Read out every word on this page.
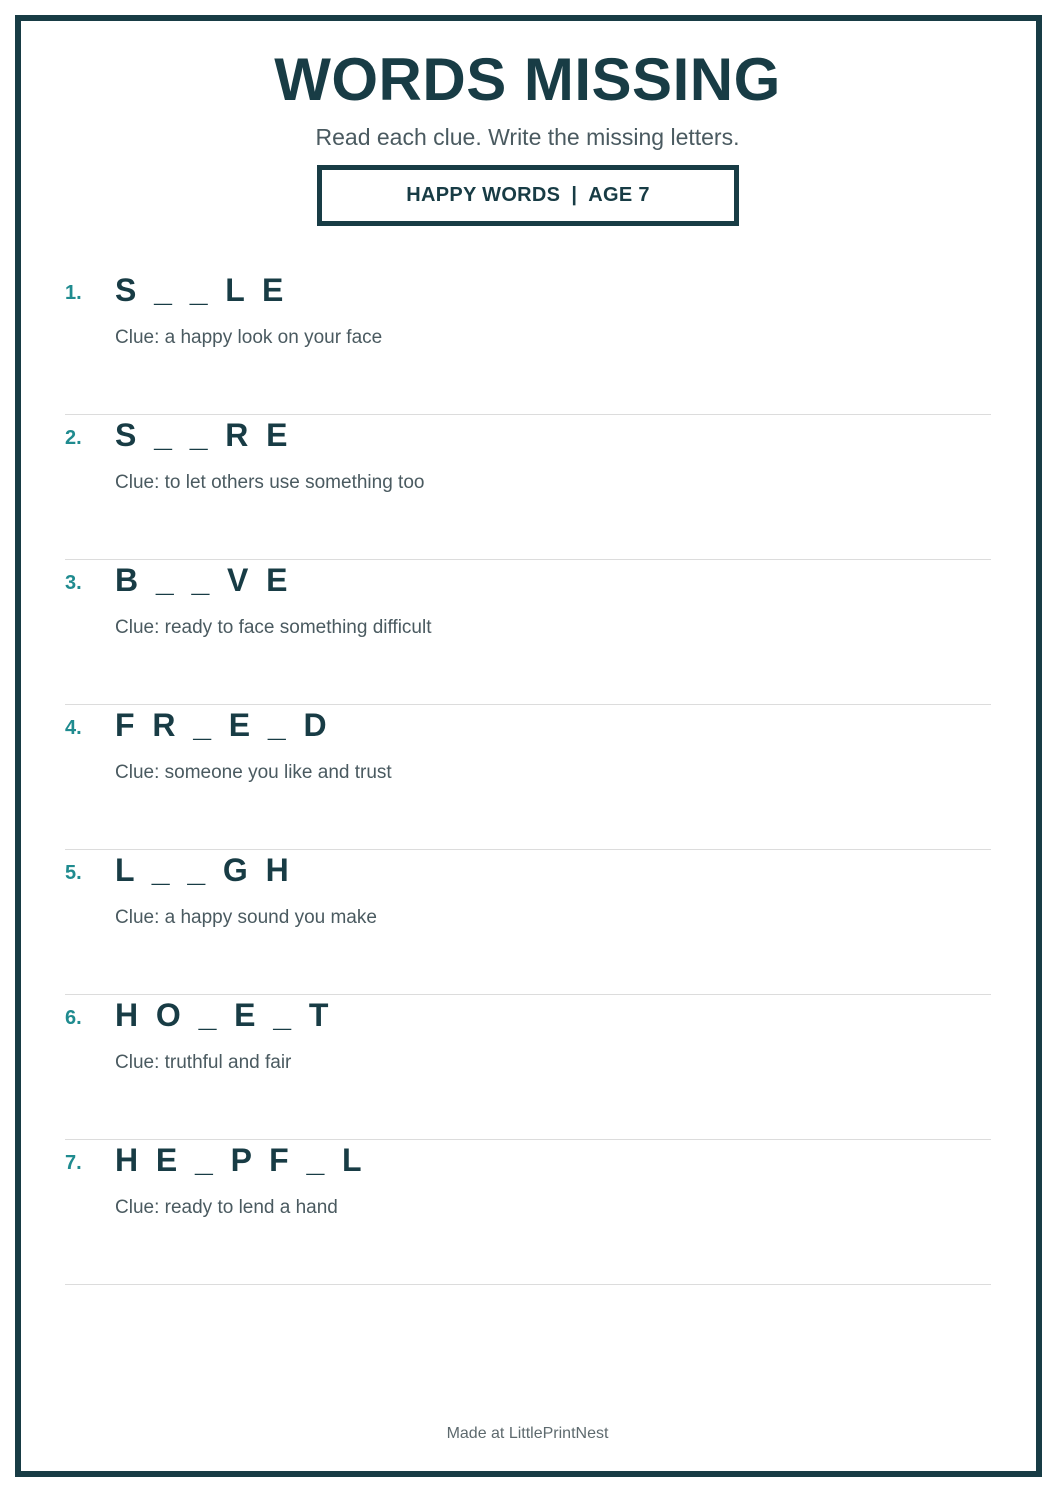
WORDS MISSING
Read each clue. Write the missing letters.
HAPPY WORDS | AGE 7
1. S  _  _  L  E
Clue: a happy look on your face
2. S  _  _  R  E
Clue: to let others use something too
3. B  _  _  V  E
Clue: ready to face something difficult
4. F  R  _  E  _  D
Clue: someone you like and trust
5. L  _  _  G  H
Clue: a happy sound you make
6. H  O  _  E  _  T
Clue: truthful and fair
7. H  E  _  P  F  _  L
Clue: ready to lend a hand
Made at LittlePrintNest
